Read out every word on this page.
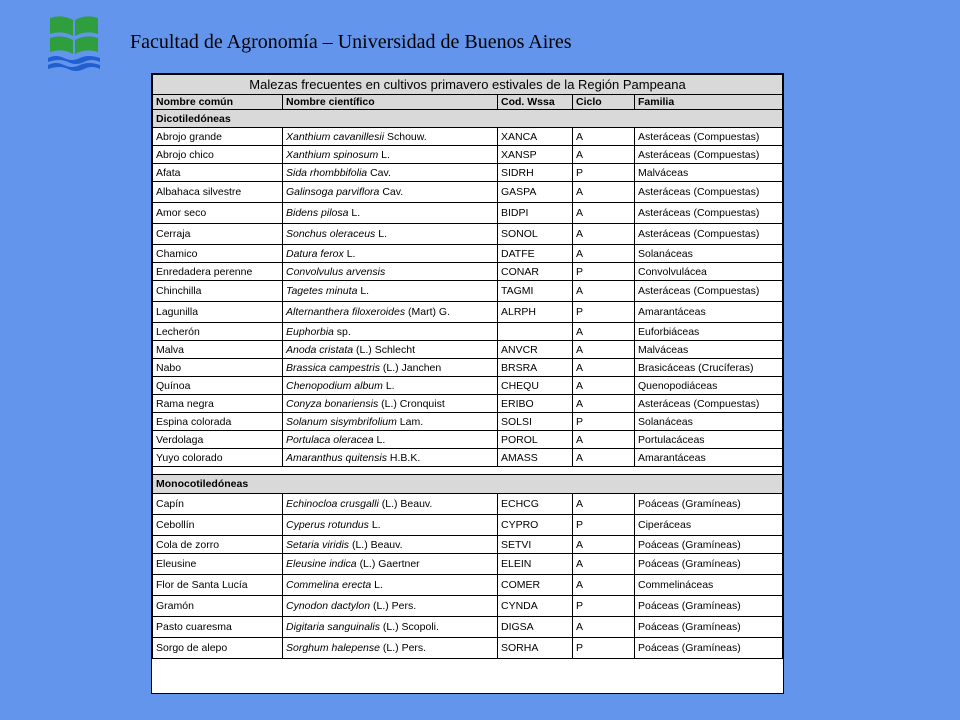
Facultad de Agronomía – Universidad de Buenos Aires
Malezas frecuentes en cultivos primavero estivales de la Región Pampeana				
Nombre común	Nombre científico	Cod. Wssa	Ciclo	Familia
Dicotiledóneas				
Abrojo grande	Xanthium cavanillesii Schouw.	XANCA	A	Asteráceas (Compuestas)
Abrojo chico	Xanthium spinosum L.	XANSP	A	Asteráceas (Compuestas)
Afata	Sida rhombbifolia Cav.	SIDRH	P	Malváceas
Albahaca silvestre	Galinsoga parviflora Cav.	GASPA	A	Asteráceas (Compuestas)
Amor seco	Bidens pilosa L.	BIDPI	A	Asteráceas (Compuestas)
Cerraja	Sonchus oleraceus L.	SONOL	A	Asteráceas (Compuestas)
Chamico	Datura ferox L.	DATFE	A	Solanáceas
Enredadera perenne	Convolvulus arvensis	CONAR	P	Convolvulácea
Chinchilla	Tagetes minuta L.	TAGMI	A	Asteráceas (Compuestas)
Lagunilla	Alternanthera filoxeroides (Mart) G.	ALRPH	P	Amarantáceas
Lecherón	Euphorbia sp.		A	Euforbiáceas
Malva	Anoda cristata (L.) Schlecht	ANVCR	A	Malváceas
Nabo	Brassica campestris (L.) Janchen	BRSRA	A	Brasicáceas (Crucíferas)
Quínoa	Chenopodium album L.	CHEQU	A	Quenopodiáceas
Rama negra	Conyza bonariensis (L.) Cronquist	ERIBO	A	Asteráceas (Compuestas)
Espina colorada	Solanum sisymbrifolium Lam.	SOLSI	P	Solanáceas
Verdolaga	Portulaca oleracea L.	POROL	A	Portulacáceas
Yuyo colorado	Amaranthus quitensis H.B.K.	AMASS	A	Amarantáceas

Monocotiledóneas				
Capín	Echinocloa crusgalli (L.) Beauv.	ECHCG	A	Poáceas (Gramíneas)
Cebollín	Cyperus rotundus L.	CYPRO	P	Ciperáceas
Cola de zorro	Setaria viridis (L.) Beauv.	SETVI	A	Poáceas (Gramíneas)
Eleusine	Eleusine indica (L.) Gaertner	ELEIN	A	Poáceas (Gramíneas)
Flor de Santa Lucía	Commelina erecta L.	COMER	A	Commelináceas
Gramón	Cynodon dactylon (L.) Pers.	CYNDA	P	Poáceas (Gramíneas)
Pasto cuaresma	Digitaria sanguinalis (L.) Scopoli.	DIGSA	A	Poáceas (Gramíneas)
Sorgo de alepo	Sorghum halepense (L.) Pers.	SORHA	P	Poáceas (Gramíneas)
